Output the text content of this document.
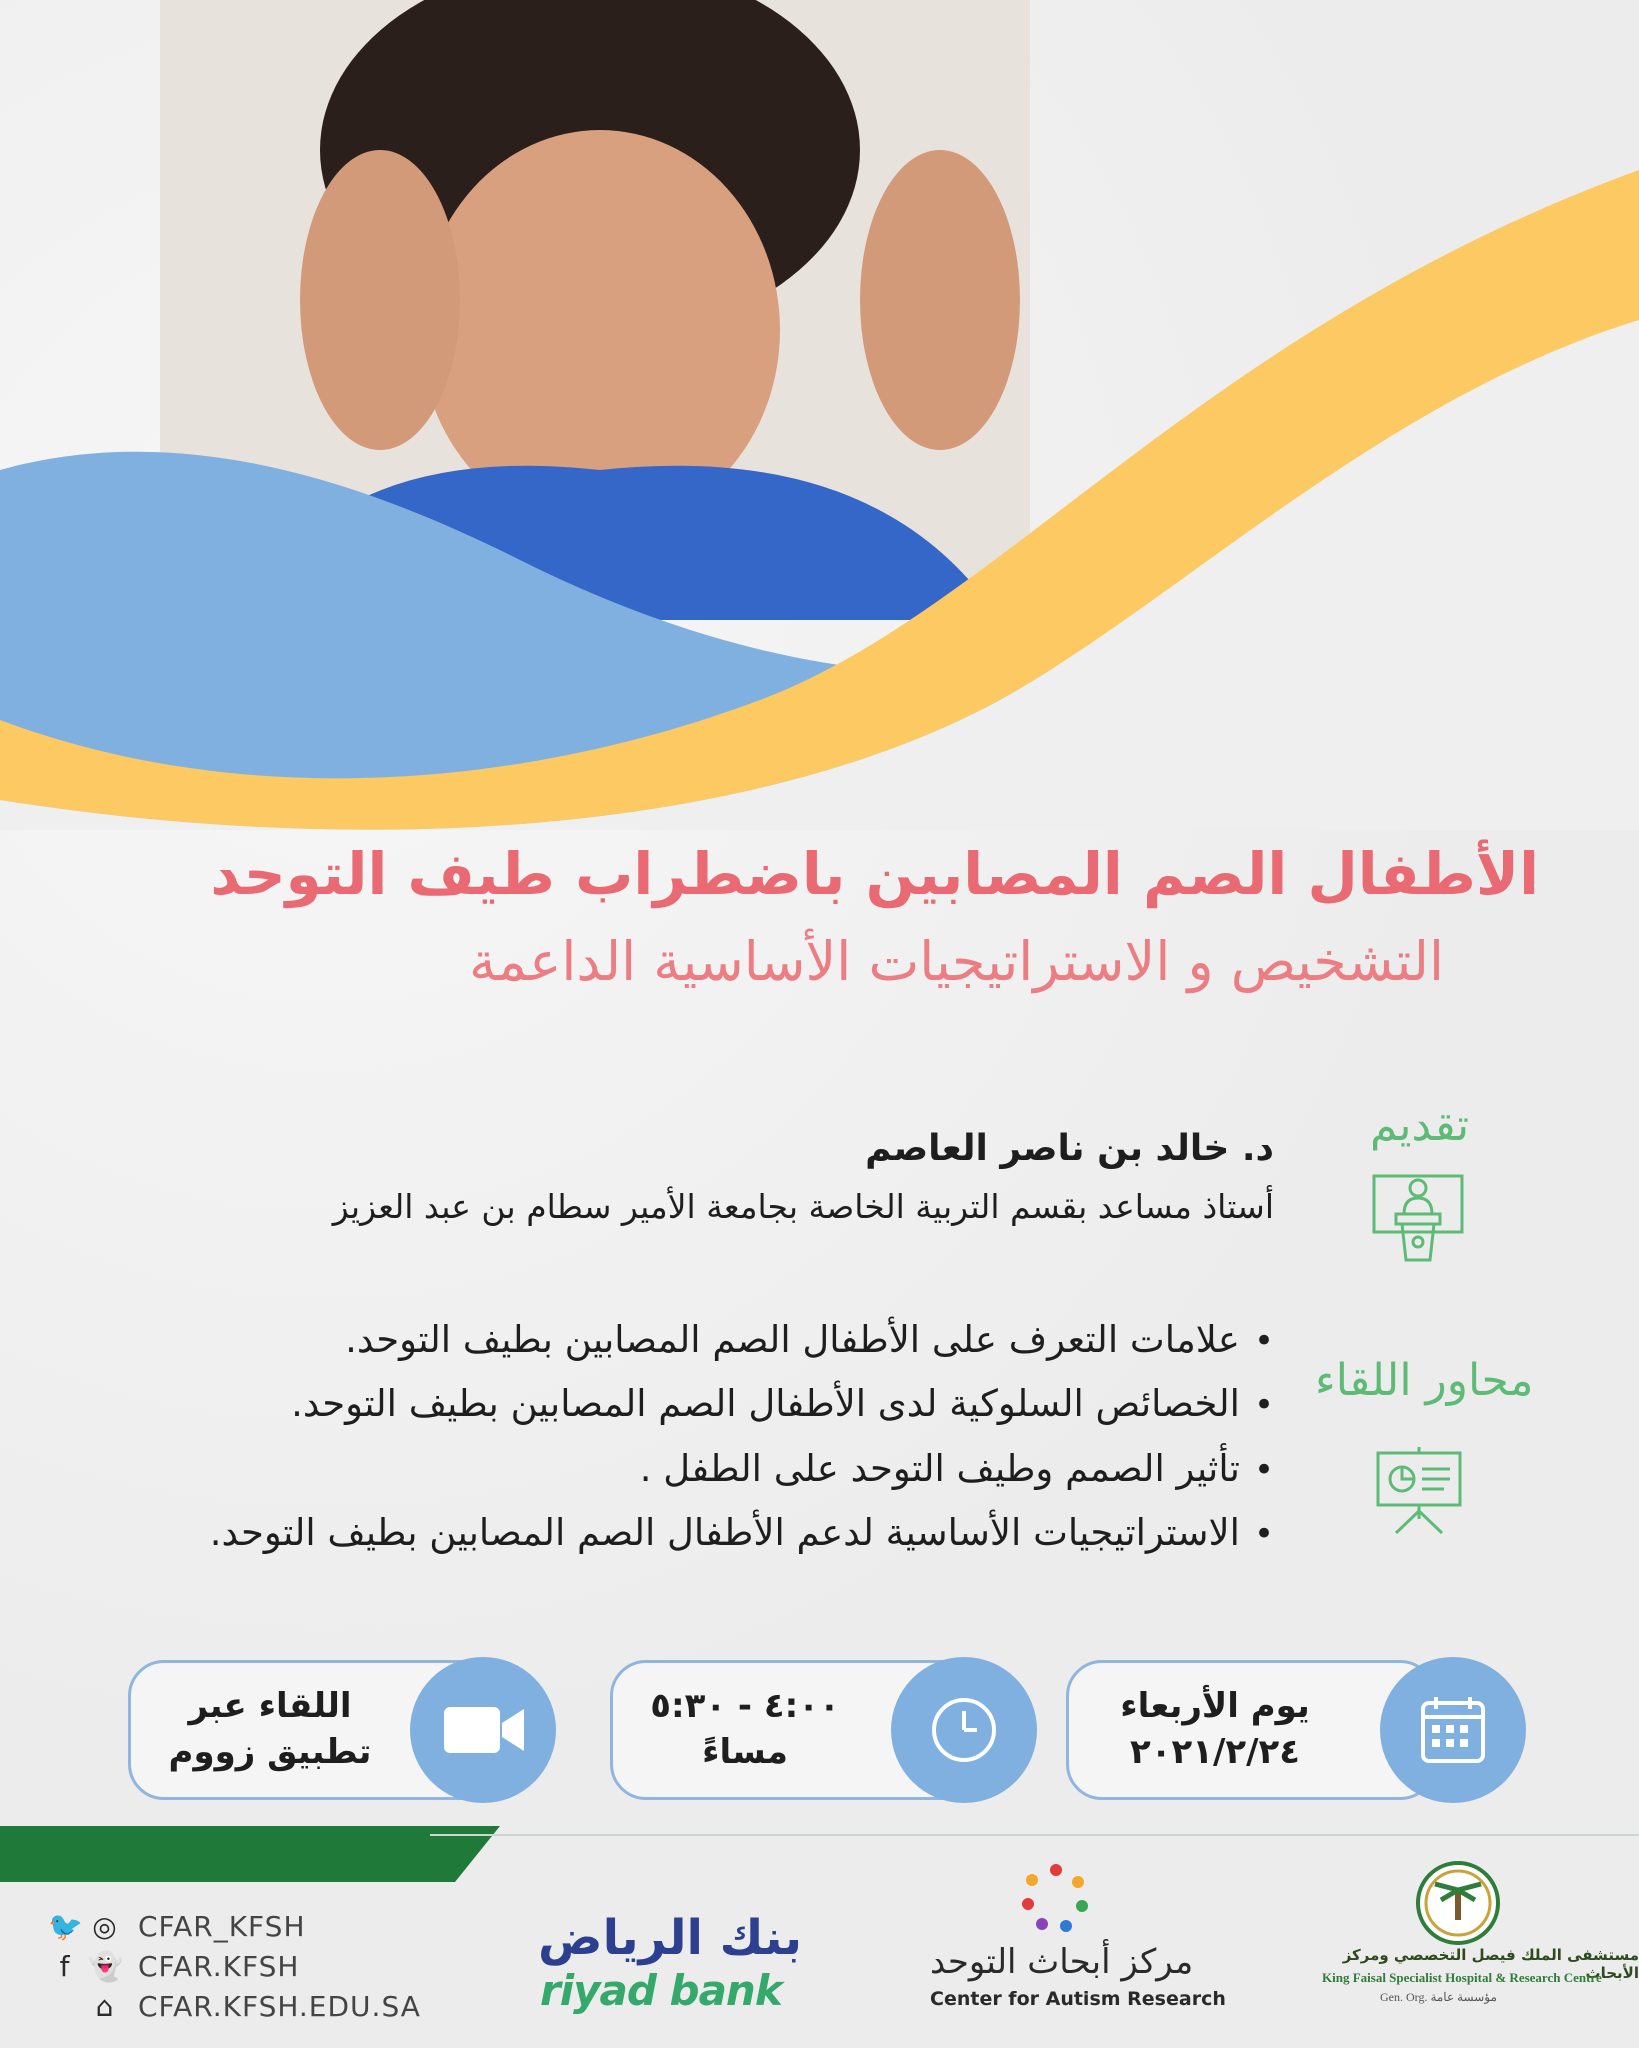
الأطفال الصم المصابين باضطراب طيف التوحد
التشخيص و الاستراتيجيات الأساسية الداعمة
تقديم
د. خالد بن ناصر العاصم
أستاذ مساعد بقسم التربية الخاصة بجامعة الأمير سطام بن عبد العزيز
محاور اللقاء
•علامات التعرف على الأطفال الصم المصابين بطيف التوحد.
•الخصائص السلوكية لدى الأطفال الصم المصابين بطيف التوحد.
•تأثير الصمم وطيف التوحد على الطفل .
•الاستراتيجيات الأساسية لدعم الأطفال الصم المصابين بطيف التوحد.
يوم الأربعاء
٢٠٢١/٢/٢٤
٤:٠٠ - ٥:٣٠
مساءً
اللقاء عبر
تطبيق زووم
🐦 ◎ CFAR_KFSH
f 👻 CFAR.KFSH
⌂ CFAR.KFSH.EDU.SA
بنك الرياض
riyad bank
مركز أبحاث التوحد
Center for Autism Research
مستشفى الملك فيصل التخصصي ومركز الأبحاث
King Faisal Specialist Hospital & Research Centre
Gen. Org. مؤسسة عامة
